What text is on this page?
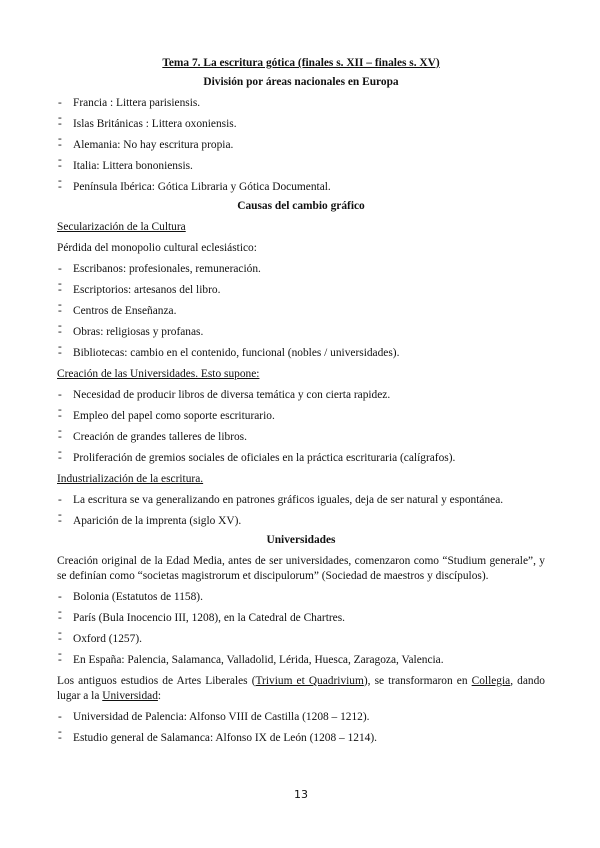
Tema 7. La escritura gótica (finales s. XII – finales s. XV)

División por áreas nacionales en Europa

- Francia : Littera parisiensis.
-
- Islas Británicas : Littera oxoniensis.
-
- Alemania: No hay escritura propia.
-
- Italia: Littera bononiensis.
-
- Península Ibérica: Gótica Libraria y Gótica Documental.

Causas del cambio gráfico

Secularización de la Cultura

Pérdida del monopolio cultural eclesiástico:

- Escribanos: profesionales, remuneración.
-
- Escriptorios: artesanos del libro.
-
- Centros de Enseñanza.
-
- Obras: religiosas y profanas.
-
- Bibliotecas: cambio en el contenido, funcional (nobles / universidades).

Creación de las Universidades. Esto supone:

- Necesidad de producir libros de diversa temática y con cierta rapidez.
-
- Empleo del papel como soporte escriturario.
-
- Creación de grandes talleres de libros.
-
- Proliferación de gremios sociales de oficiales en la práctica escrituraria (calígrafos).

Industrialización de la escritura.

- La escritura se va generalizando en patrones gráficos iguales, deja de ser natural y espontánea.
-
- Aparición de la imprenta (siglo XV).

Universidades

Creación original de la Edad Media, antes de ser universidades, comenzaron como “Studium generale”, y se definían como “societas magistrorum et discipulorum” (Sociedad de maestros y discípulos).

- Bolonia (Estatutos de 1158).
-
- París (Bula Inocencio III, 1208), en la Catedral de Chartres.
-
- Oxford (1257).
-
- En España: Palencia, Salamanca, Valladolid, Lérida, Huesca, Zaragoza, Valencia.

Los antiguos estudios de Artes Liberales (Trivium et Quadrivium), se transformaron en Collegia, dando lugar a la Universidad:

- Universidad de Palencia: Alfonso VIII de Castilla (1208 – 1212).
-
- Estudio general de Salamanca: Alfonso IX de León (1208 – 1214).
13
